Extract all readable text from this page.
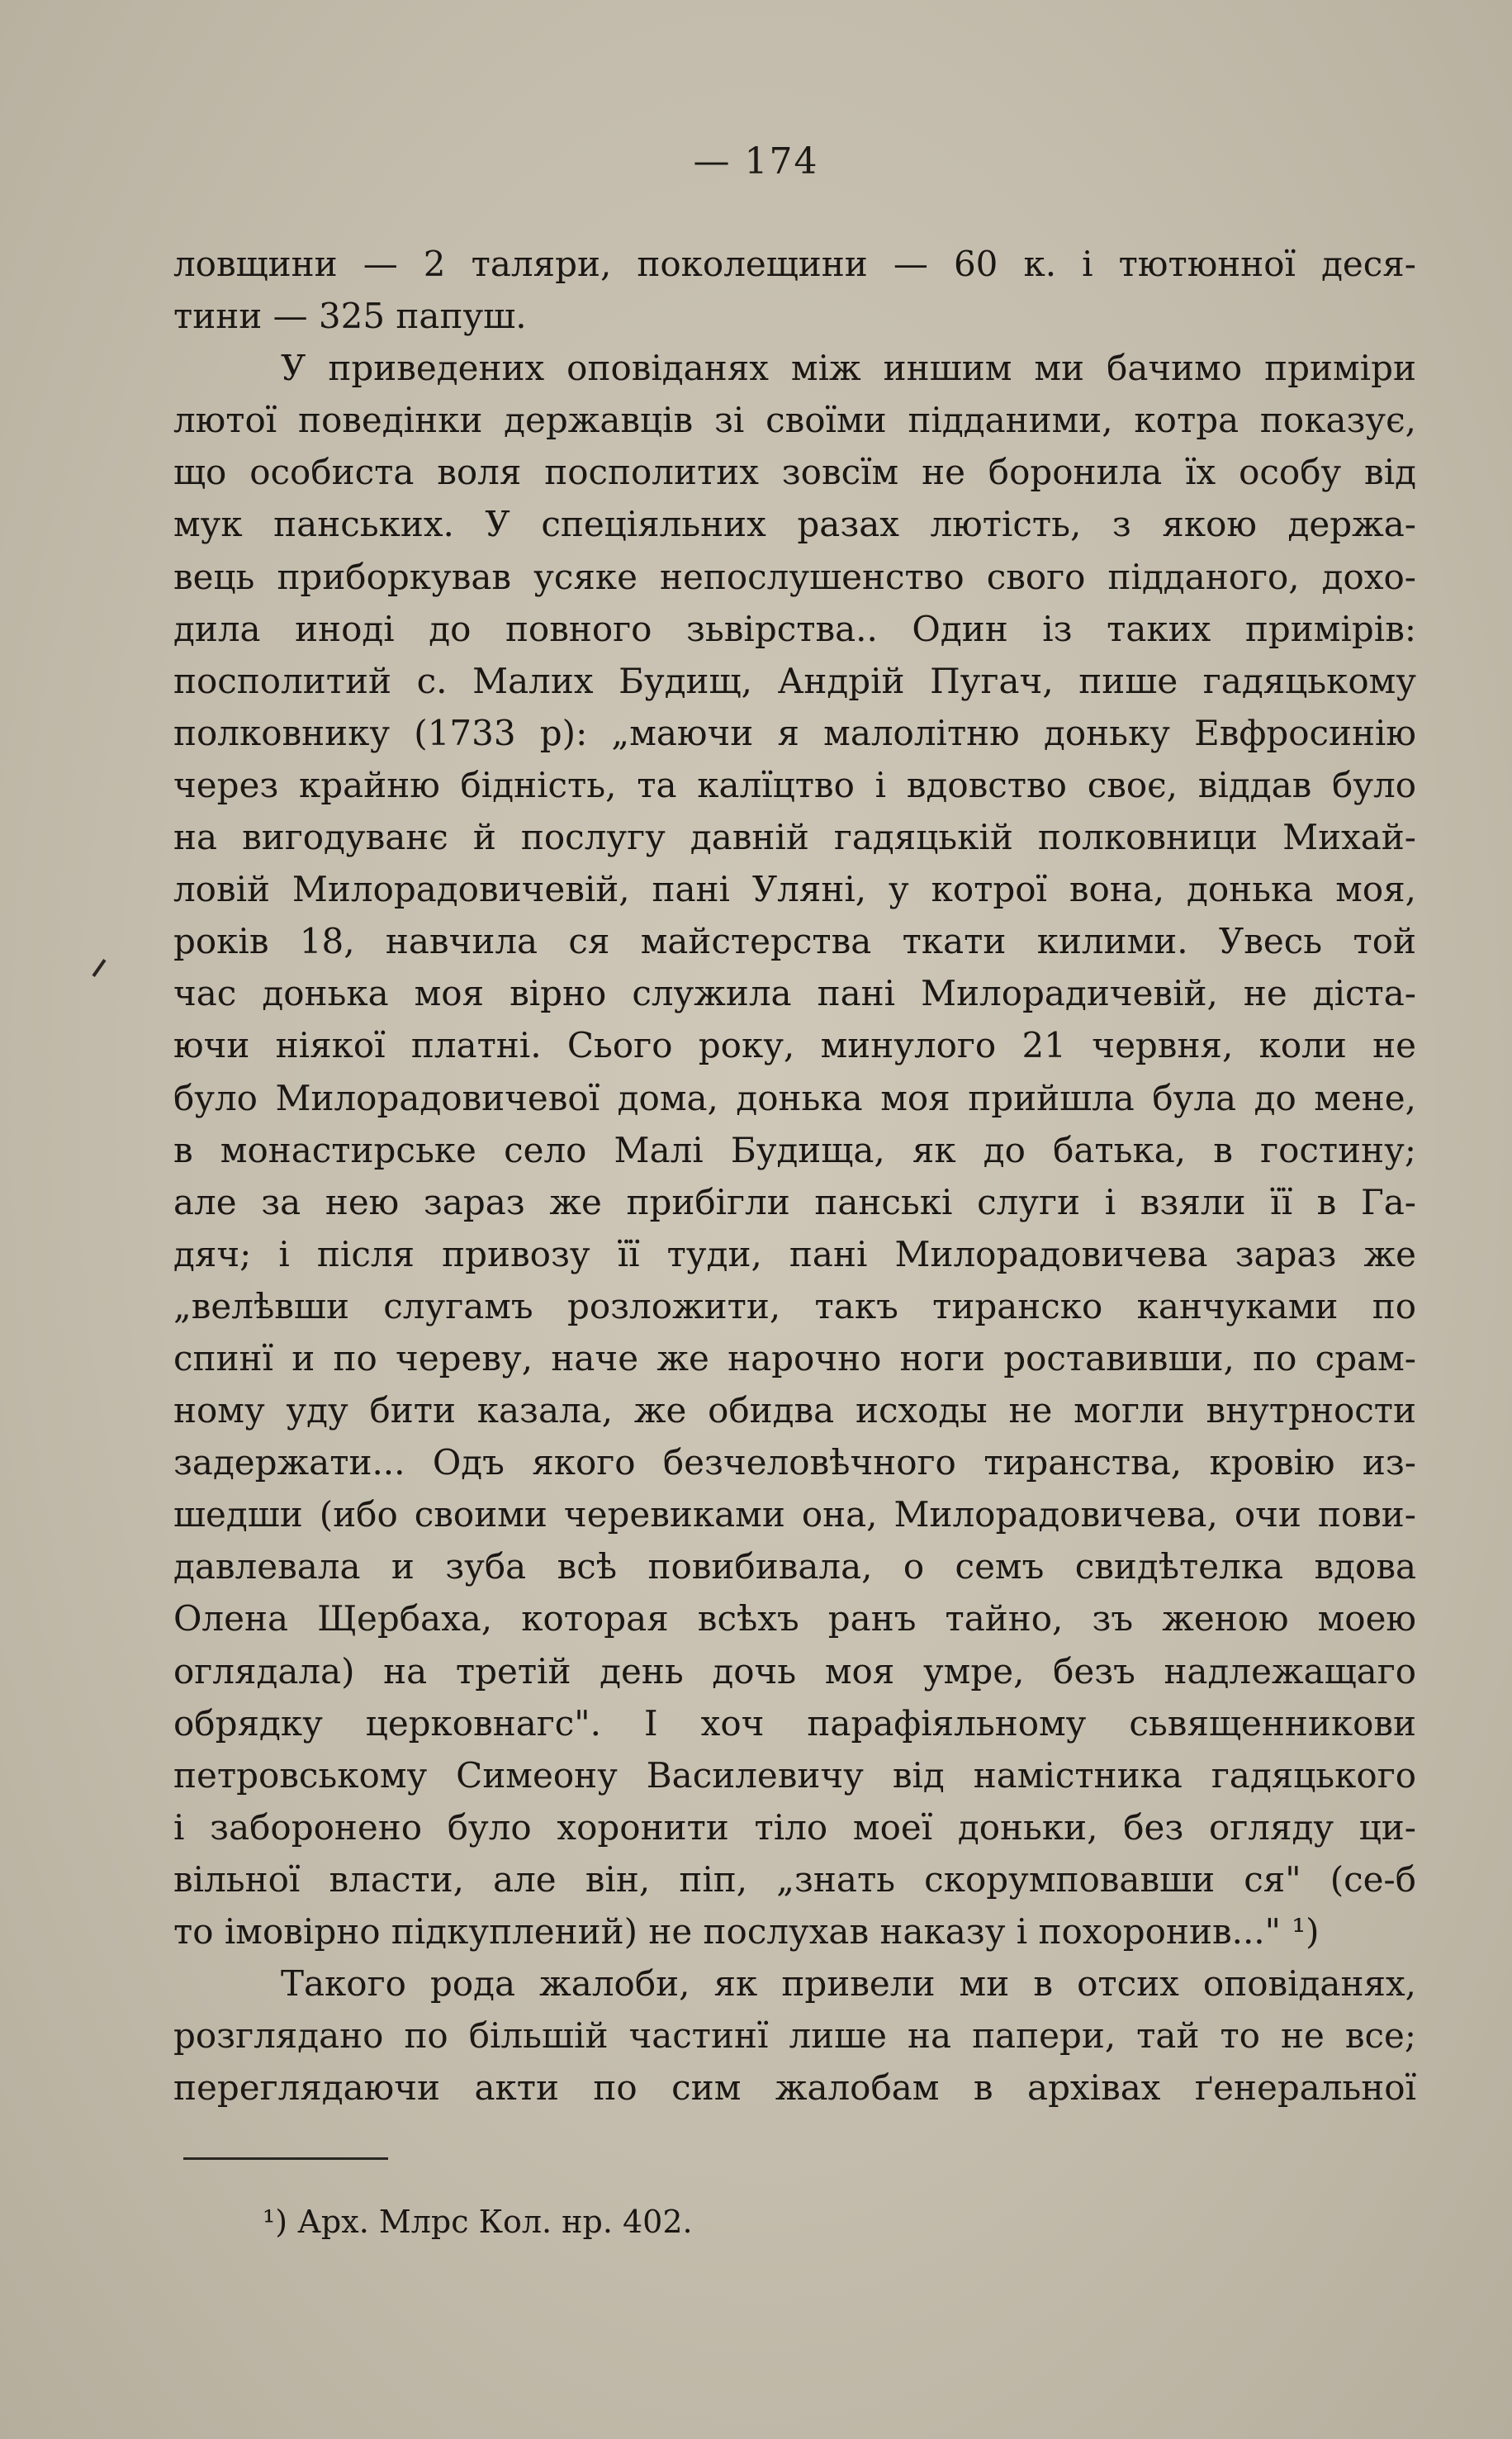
— 174
ловщини — 2 таляри, поколещини — 60 к. і тютюнної деся-
тини — 325 папуш.
У приведених оповіданях між иншим ми бачимо приміри
лютої поведінки державців зі своїми підданими, котра показує,
що особиста воля посполитих зовсїм не боронила їх особу від
мук панських. У спецiяльних разах лютість, з якою держа-
вець приборкував усяке непослушенство свого підданого, дохо-
дила иноді до повного зьвірства.. Один із таких примірів:
посполитий с. Малих Будищ, Андрій Пугач, пише гадяцькому
полковнику (1733 р): „маючи я малолітню доньку Евфросинію
через крайню бідність, та калїцтво і вдовство своє, віддав було
на вигодуванє й послугу давній гадяцькій полковници Михай-
ловій Милорадовичевій, пані Уляні, у котрої вона, донька моя,
років 18, навчила ся майстерства ткати килими. Увесь той
час донька моя вірно служила пані Милорадичевій, не діста-
ючи ніякої платні. Сього року, минулого 21 червня, коли не
було Милорадовичевої дома, донька моя прийшла була до мене,
в монастирське село Малі Будища, як до батька, в гостину;
але за нею зараз же прибігли панські слуги і взяли її в Га-
дяч; і після привозу її туди, пані Милорадовичева зараз же
„велѣвши слугамъ розложити, такъ тиранско канчуками по
спинї и по череву, наче же нарочно ноги роставивши, по срам-
ному уду бити казала, же обидва исходы не могли внутрности
задержати... Одъ якого безчеловѣчного тиранства, кровію из-
шедши (ибо своими черевиками она, Милорадовичева, очи пови-
давлевала и зуба всѣ повибивала, о семъ свидѣтелка вдова
Олена Щербаха, которая всѣхъ ранъ тайно, зъ женою моею
оглядала) на третій день дочь моя умре, безъ надлежащаго
обрядку церковнагс". І хоч парафіяльному сьвященникови
петровському Симеону Василевичу від намістника гадяцького
і заборонено було хоронити тіло моеї доньки, без огляду ци-
вільної власти, але він, піп, „знать скорумповавши ся" (се-б
то імовірно підкуплений) не послухав наказу і похоронив..." ¹)
Такого рода жалоби, як привели ми в отсих оповіданях,
розглядано по більшій частинї лише на папери, тай то не все;
переглядаючи акти по сим жалобам в архівах ґенеральної
¹) Арх. Млрс Кол. нр. 402.
